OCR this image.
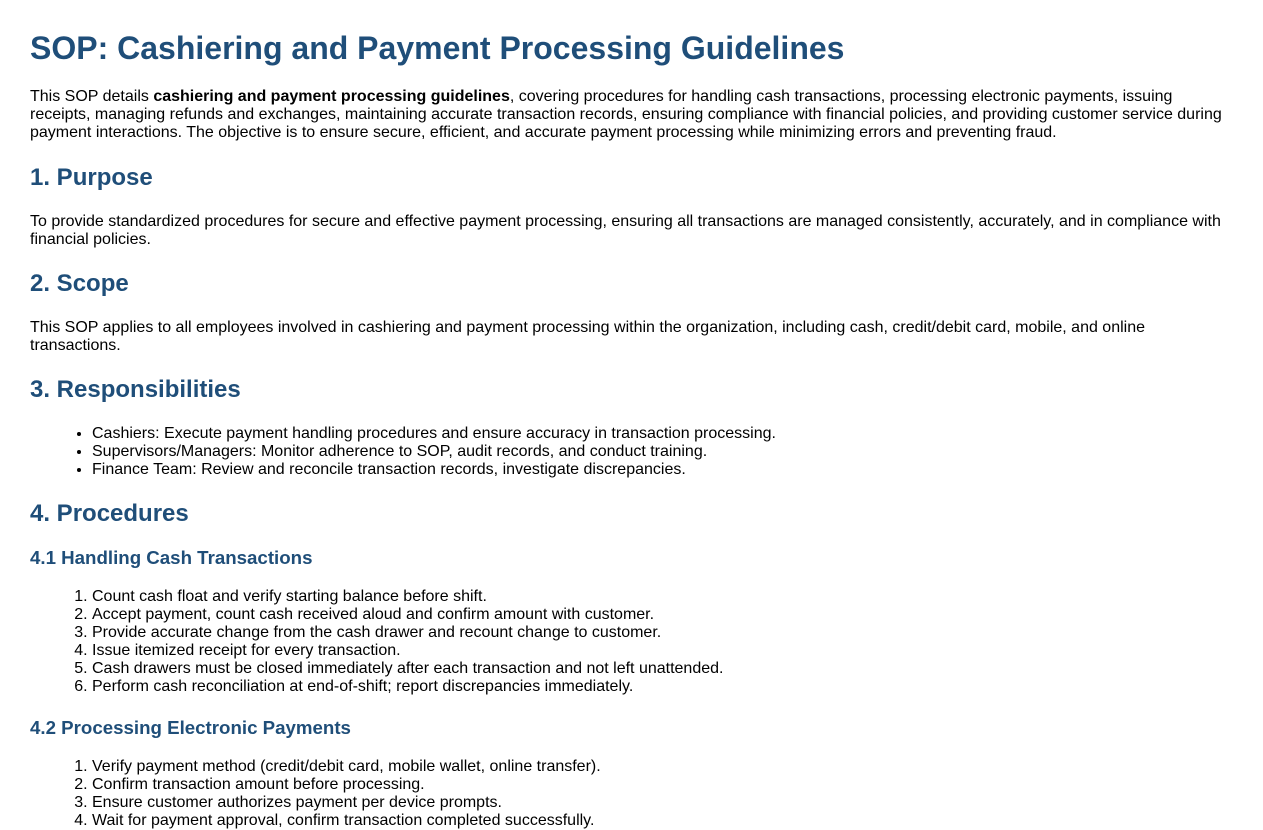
SOP: Cashiering and Payment Processing Guidelines

This SOP details cashiering and payment processing guidelines, covering procedures for handling cash transactions, processing electronic payments, issuing receipts, managing refunds and exchanges, maintaining accurate transaction records, ensuring compliance with financial policies, and providing customer service during payment interactions. The objective is to ensure secure, efficient, and accurate payment processing while minimizing errors and preventing fraud.

1. Purpose

To provide standardized procedures for secure and effective payment processing, ensuring all transactions are managed consistently, accurately, and in compliance with financial policies.

2. Scope

This SOP applies to all employees involved in cashiering and payment processing within the organization, including cash, credit/debit card, mobile, and online transactions.

3. Responsibilities
• Cashiers: Execute payment handling procedures and ensure accuracy in transaction processing.
• Supervisors/Managers: Monitor adherence to SOP, audit records, and conduct training.
• Finance Team: Review and reconcile transaction records, investigate discrepancies.
4. Procedures
4.1 Handling Cash Transactions
1. Count cash float and verify starting balance before shift.
2. Accept payment, count cash received aloud and confirm amount with customer.
3. Provide accurate change from the cash drawer and recount change to customer.
4. Issue itemized receipt for every transaction.
5. Cash drawers must be closed immediately after each transaction and not left unattended.
6. Perform cash reconciliation at end-of-shift; report discrepancies immediately.
4.2 Processing Electronic Payments
1. Verify payment method (credit/debit card, mobile wallet, online transfer).
2. Confirm transaction amount before processing.
3. Ensure customer authorizes payment per device prompts.
4. Wait for payment approval, confirm transaction completed successfully.
